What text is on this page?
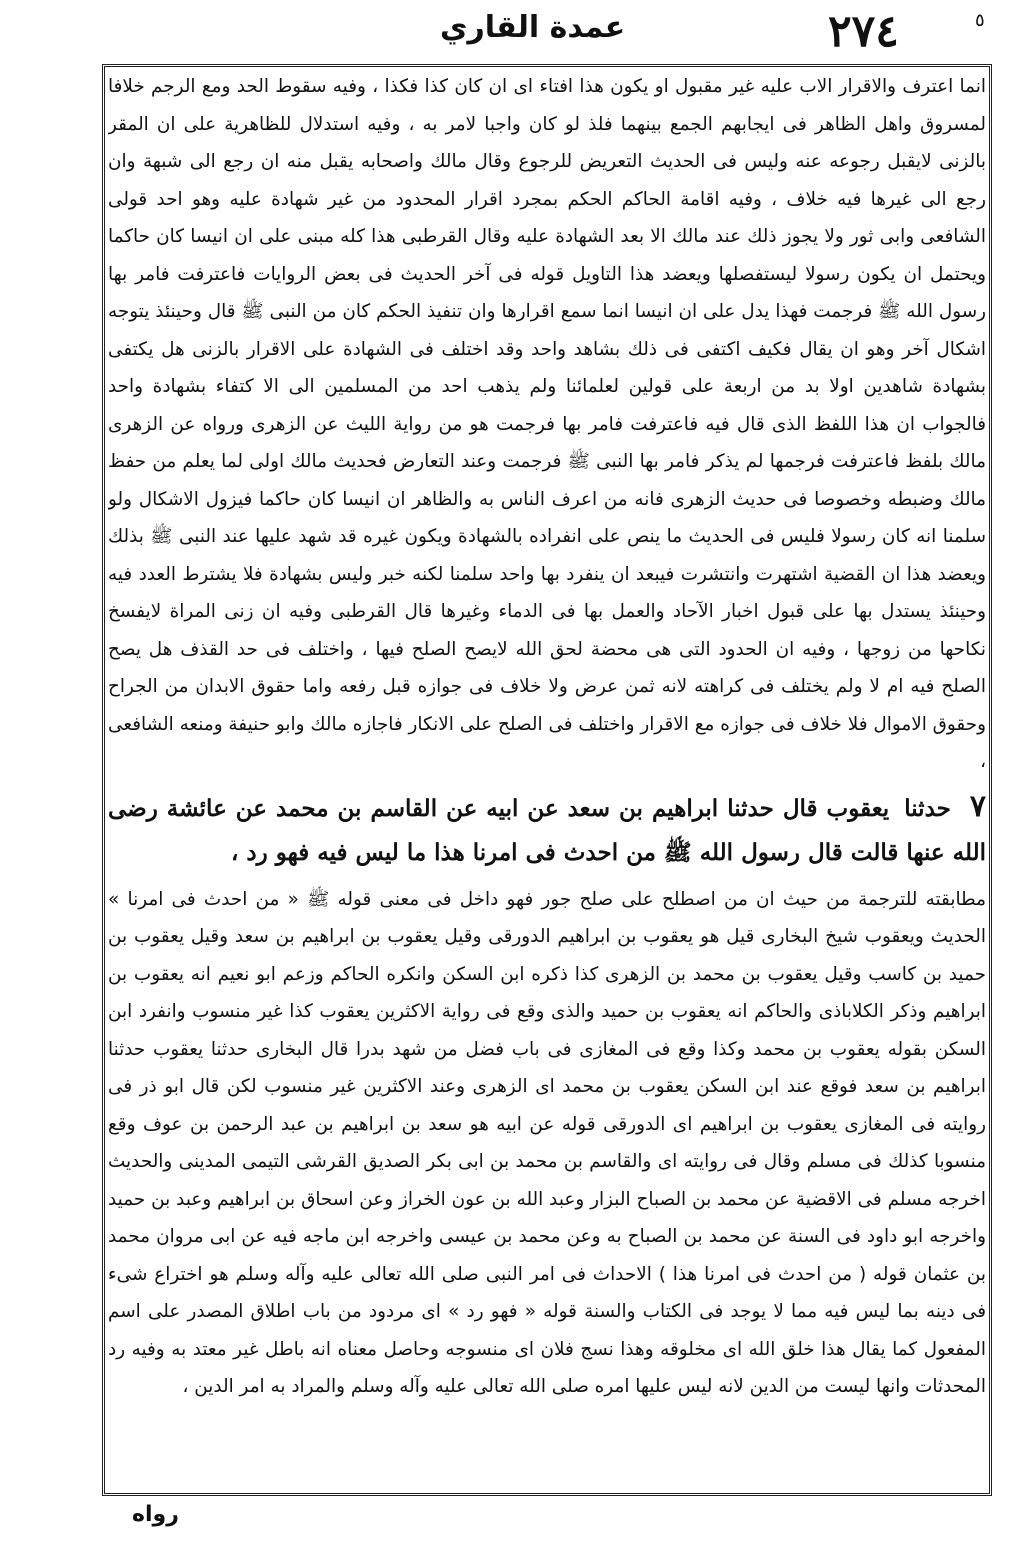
٥
٢٧٤
عمدة القاري

انما اعترف والاقرار الاب عليه غير مقبول او يكون هذا افتاء اى ان كان كذا فكذا ، وفيه سقوط الحد ومع الرجم خلافا لمسروق واهل الظاهر فى ايجابهم الجمع بينهما فلذ لو كان واجبا لامر به ، وفيه استدلال للظاهرية على ان المقر بالزنى لايقبل رجوعه عنه وليس فى الحديث التعريض للرجوع وقال مالك واصحابه يقبل منه ان رجع الى شبهة وان رجع الى غيرها فيه خلاف ، وفيه اقامة الحاكم الحكم بمجرد اقرار المحدود من غير شهادة عليه وهو احد قولى الشافعى وابى ثور ولا يجوز ذلك عند مالك الا بعد الشهادة عليه وقال القرطبى هذا كله مبنى على ان انيسا كان حاكما ويحتمل ان يكون رسولا ليستفصلها ويعضد هذا التاويل قوله فى آخر الحديث فى بعض الروايات فاعترفت فامر بها رسول الله ﷺ فرجمت فهذا يدل على ان انيسا انما سمع اقرارها وان تنفيذ الحكم كان من النبى ﷺ قال وحينئذ يتوجه اشكال آخر وهو ان يقال فكيف اكتفى فى ذلك بشاهد واحد وقد اختلف فى الشهادة على الاقرار بالزنى هل يكتفى بشهادة شاهدين اولا بد من اربعة على قولين لعلمائنا ولم يذهب احد من المسلمين الى الا كتفاء بشهادة واحد فالجواب ان هذا اللفظ الذى قال فيه فاعترفت فامر بها فرجمت هو من رواية الليث عن الزهرى ورواه عن الزهرى مالك بلفظ فاعترفت فرجمها لم يذكر فامر بها النبى ﷺ فرجمت وعند التعارض فحديث مالك اولى لما يعلم من حفظ مالك وضبطه وخصوصا فى حديث الزهرى فانه من اعرف الناس به والظاهر ان انيسا كان حاكما فيزول الاشكال ولو سلمنا انه كان رسولا فليس فى الحديث ما ينص على انفراده بالشهادة ويكون غيره قد شهد عليها عند النبى ﷺ بذلك ويعضد هذا ان القضية اشتهرت وانتشرت فيبعد ان ينفرد بها واحد سلمنا لكنه خبر وليس بشهادة فلا يشترط العدد فيه وحينئذ يستدل بها على قبول اخبار الآحاد والعمل بها فى الدماء وغيرها قال القرطبى وفيه ان زنى المراة لايفسخ نكاحها من زوجها ، وفيه ان الحدود التى هى محضة لحق الله لايصح الصلح فيها ، واختلف فى حد القذف هل يصح الصلح فيه ام لا ولم يختلف فى كراهته لانه ثمن عرض ولا خلاف فى جوازه قبل رفعه واما حقوق الابدان من الجراح وحقوق الاموال فلا خلاف فى جوازه مع الاقرار واختلف فى الصلح على الانكار فاجازه مالك وابو حنيفة ومنعه الشافعى ،

٧ حدثنا يعقوب قال حدثنا ابراهيم بن سعد عن ابيه عن القاسم بن محمد عن عائشة رضى الله عنها قالت قال رسول الله ﷺ من احدث فى امرنا هذا ما ليس فيه فهو رد ،

مطابقته للترجمة من حيث ان من اصطلح على صلح جور فهو داخل فى معنى قوله ﷺ « من احدث فى امرنا » الحديث ويعقوب شيخ البخارى قيل هو يعقوب بن ابراهيم الدورقى وقيل يعقوب بن ابراهيم بن سعد وقيل يعقوب بن حميد بن كاسب وقيل يعقوب بن محمد بن الزهرى كذا ذكره ابن السكن وانكره الحاكم وزعم ابو نعيم انه يعقوب بن ابراهيم وذكر الكلاباذى والحاكم انه يعقوب بن حميد والذى وقع فى رواية الاكثرين يعقوب كذا غير منسوب وانفرد ابن السكن بقوله يعقوب بن محمد وكذا وقع فى المغازى فى باب فضل من شهد بدرا قال البخارى حدثنا يعقوب حدثنا ابراهيم بن سعد فوقع عند ابن السكن يعقوب بن محمد اى الزهرى وعند الاكثرين غير منسوب لكن قال ابو ذر فى روايته فى المغازى يعقوب بن ابراهيم اى الدورقى قوله عن ابيه هو سعد بن ابراهيم بن عبد الرحمن بن عوف وقع منسوبا كذلك فى مسلم وقال فى روايته اى والقاسم بن محمد بن ابى بكر الصديق القرشى التيمى المدينى والحديث اخرجه مسلم فى الاقضية عن محمد بن الصباح البزار وعبد الله بن عون الخراز وعن اسحاق بن ابراهيم وعبد بن حميد واخرجه ابو داود فى السنة عن محمد بن الصباح به وعن محمد بن عيسى واخرجه ابن ماجه فيه عن ابى مروان محمد بن عثمان قوله ( من احدث فى امرنا هذا ) الاحداث فى امر النبى صلى الله تعالى عليه وآله وسلم هو اختراع شىء فى دينه بما ليس فيه مما لا يوجد فى الكتاب والسنة قوله « فهو رد » اى مردود من باب اطلاق المصدر على اسم المفعول كما يقال هذا خلق الله اى مخلوقه وهذا نسج فلان اى منسوجه وحاصل معناه انه باطل غير معتد به وفيه رد المحدثات وانها ليست من الدين لانه ليس عليها امره صلى الله تعالى عليه وآله وسلم والمراد به امر الدين ،

رواه
